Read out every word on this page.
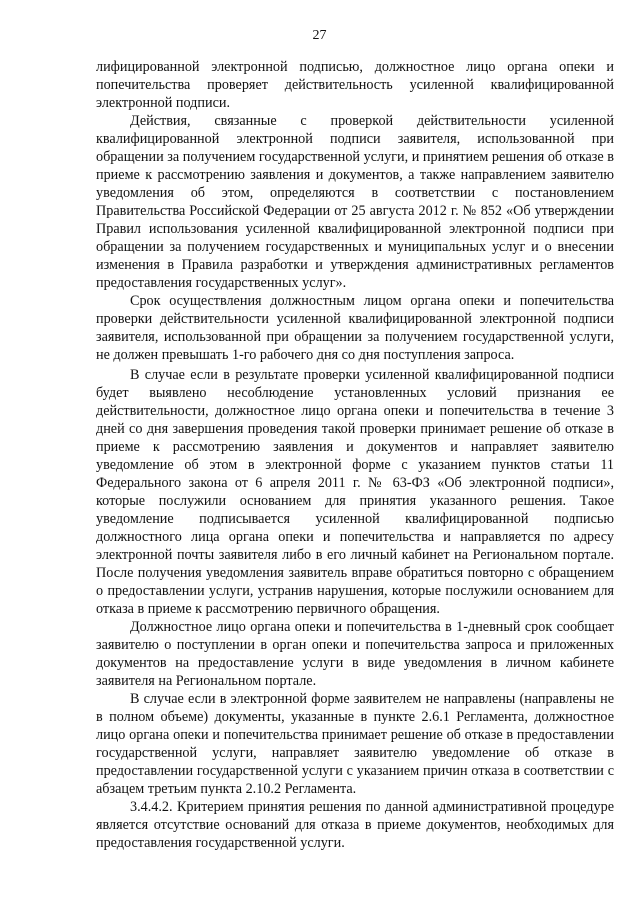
27

лифицированной электронной подписью, должностное лицо органа опеки и попечительства проверяет действительность усиленной квалифицированной электронной подписи.

Действия, связанные с проверкой действительности усиленной квалифицированной электронной подписи заявителя, использованной при обращении за получением государственной услуги, и принятием решения об отказе в приеме к рассмотрению заявления и документов, а также направлением заявителю уведомления об этом, определяются в соответствии с постановлением Правительства Российской Федерации от 25 августа 2012 г. № 852 «Об утверждении Правил использования усиленной квалифицированной электронной подписи при обращении за получением государственных и муниципальных услуг и о внесении изменения в Правила разработки и утверждения административных регламентов предоставления государственных услуг».

Срок осуществления должностным лицом органа опеки и попечительства проверки действительности усиленной квалифицированной электронной подписи заявителя, использованной при обращении за получением государственной услуги, не должен превышать 1-го рабочего дня со дня поступления запроса.

В случае если в результате проверки усиленной квалифицированной подписи будет выявлено несоблюдение установленных условий признания ее действительности, должностное лицо органа опеки и попечительства в течение 3 дней со дня завершения проведения такой проверки принимает решение об отказе в приеме к рассмотрению заявления и документов и направляет заявителю уведомление об этом в электронной форме с указанием пунктов статьи 11 Федерального закона от 6 апреля 2011 г. № 63-ФЗ «Об электронной подписи», которые послужили основанием для принятия указанного решения. Такое уведомление подписывается усиленной квалифицированной подписью должностного лица органа опеки и попечительства и направляется по адресу электронной почты заявителя либо в его личный кабинет на Региональном портале. После получения уведомления заявитель вправе обратиться повторно с обращением о предоставлении услуги, устранив нарушения, которые послужили основанием для отказа в приеме к рассмотрению первичного обращения.

Должностное лицо органа опеки и попечительства в 1-дневный срок сообщает заявителю о поступлении в орган опеки и попечительства запроса и приложенных документов на предоставление услуги в виде уведомления в личном кабинете заявителя на Региональном портале.

В случае если в электронной форме заявителем не направлены (направлены не в полном объеме) документы, указанные в пункте 2.6.1 Регламента, должностное лицо органа опеки и попечительства принимает решение об отказе в предоставлении государственной услуги, направляет заявителю уведомление об отказе в предоставлении государственной услуги с указанием причин отказа в соответствии с абзацем третьим пункта 2.10.2 Регламента.

3.4.4.2. Критерием принятия решения по данной административной процедуре является отсутствие оснований для отказа в приеме документов, необходимых для предоставления государственной услуги.
